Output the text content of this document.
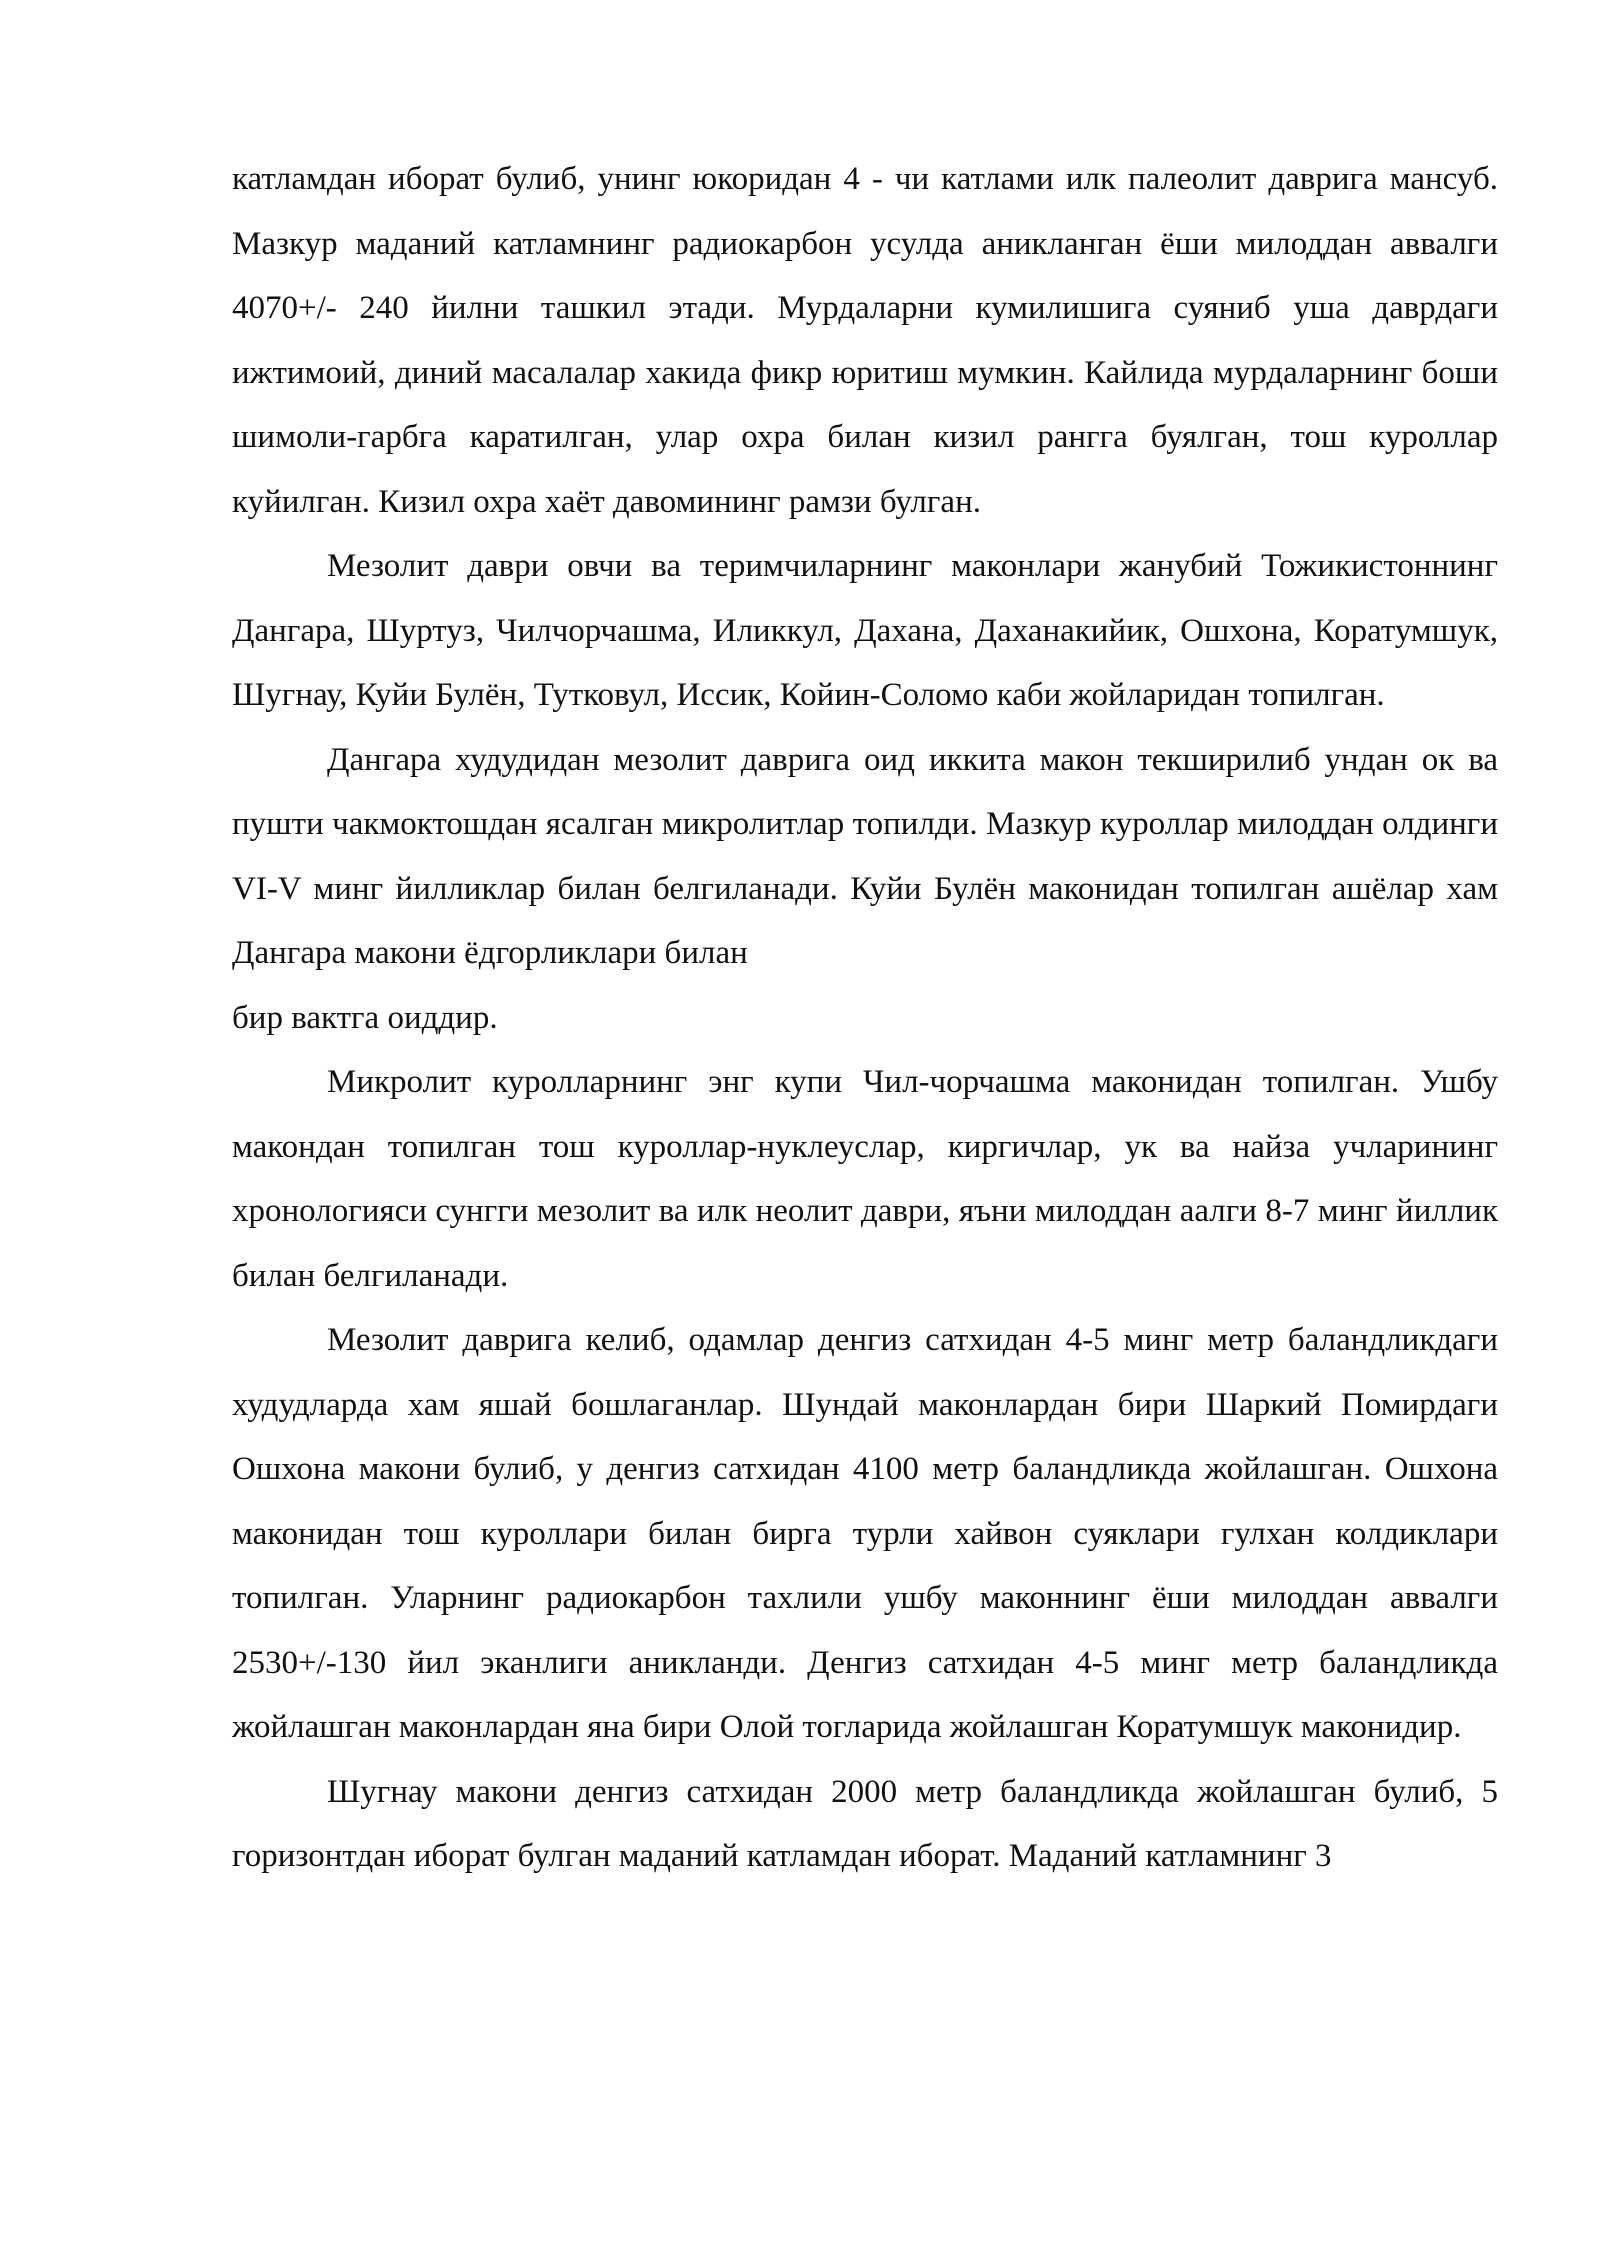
катламдан иборат булиб, унинг юкоридан 4 - чи катлами илк палеолит даврига мансуб. Мазкур маданий катламнинг радиокарбон усулда аникланган ёши милоддан аввалги 4070+/- 240 йилни ташкил этади. Мурдаларни кумилишига суяниб уша даврдаги ижтимоий, диний масалалар хакида фикр юритиш мумкин. Кайлида мурдаларнинг боши шимоли-гарбга каратилган, улар охра билан кизил рангга буялган, тош куроллар куйилган. Кизил охра хаёт давомининг рамзи булган.

Мезолит даври овчи ва теримчиларнинг маконлари жанубий Тожикистоннинг Дангара, Шуртуз, Чилчорчашма, Иликкул, Дахана, Даханакийик, Ошхона, Коратумшук, Шугнау, Куйи Булён, Тутковул, Иссик, Койин-Соломо каби жойларидан топилган.

Дангара худудидан мезолит даврига оид иккита макон текширилиб ундан ок ва пушти чакмоктошдан ясалган микролитлар топилди. Мазкур куроллар милоддан олдинги VI-V минг йилликлар билан белгиланади. Куйи Булён маконидан топилган ашёлар хам Дангара макони ёдгорликлари билан

бир вактга оиддир.

Микролит куролларнинг энг купи Чил-чорчашма маконидан топилган. Ушбу макондан топилган тош куроллар-нуклеуслар, киргичлар, ук ва найза учларининг хронологияси сунгги мезолит ва илк неолит даври, яъни милоддан аалги 8-7 минг йиллик билан белгиланади.

Мезолит даврига келиб, одамлар денгиз сатхидан 4-5 минг метр баландликдаги худудларда хам яшай бошлаганлар. Шундай маконлардан бири Шаркий Помирдаги Ошхона макони булиб, у денгиз сатхидан 4100 метр баландликда жойлашган. Ошхона маконидан тош куроллари билан бирга турли хайвон суяклари гулхан колдиклари топилган. Уларнинг радиокарбон тахлили ушбу маконнинг ёши милоддан аввалги 2530+/-130 йил эканлиги аникланди. Денгиз сатхидан 4-5 минг метр баландликда жойлашган маконлардан яна бири Олой тогларида жойлашган Коратумшук маконидир.

Шугнау макони денгиз сатхидан 2000 метр баландликда жойлашган булиб, 5 горизонтдан иборат булган маданий катламдан иборат. Маданий катламнинг 3
